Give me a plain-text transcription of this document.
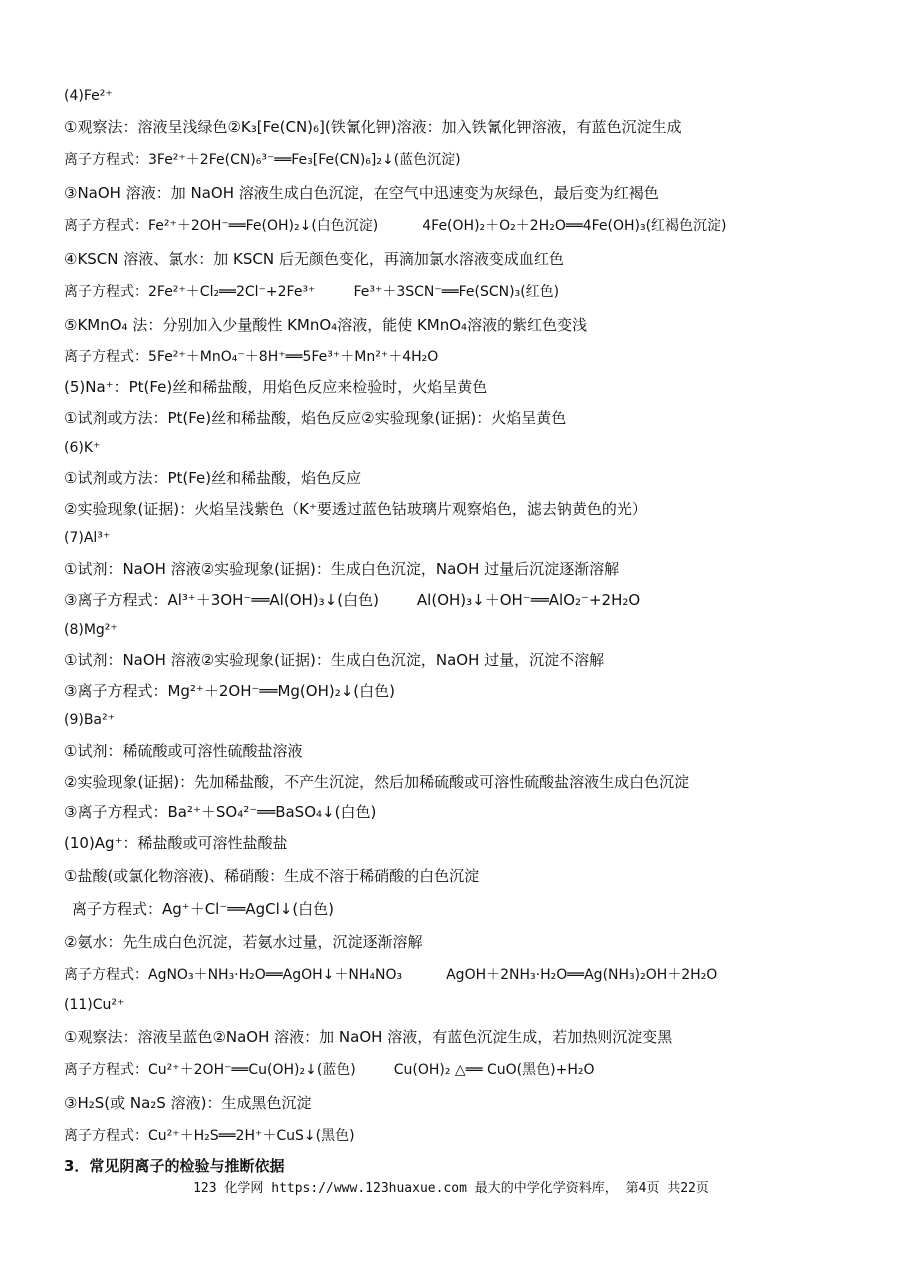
(4)Fe²⁺
①观察法：溶液呈浅绿色②K₃[Fe(CN)₆](铁氰化钾)溶液：加入铁氰化钾溶液，有蓝色沉淀生成
离子方程式：3Fe²⁺＋2Fe(CN)₆³⁻══Fe₃[Fe(CN)₆]₂↓(蓝色沉淀)
③NaOH 溶液：加 NaOH 溶液生成白色沉淀，在空气中迅速变为灰绿色，最后变为红褐色
离子方程式：Fe²⁺＋2OH⁻══Fe(OH)₂↓(白色沉淀)	4Fe(OH)₂＋O₂＋2H₂O══4Fe(OH)₃(红褐色沉淀)
④KSCN 溶液、氯水：加 KSCN 后无颜色变化，再滴加氯水溶液变成血红色
离子方程式：2Fe²⁺＋Cl₂══2Cl⁻+2Fe³⁺	Fe³⁺＋3SCN⁻══Fe(SCN)₃(红色)
⑤KMnO₄ 法：分别加入少量酸性 KMnO₄溶液，能使 KMnO₄溶液的紫红色变浅
离子方程式：5Fe²⁺＋MnO₄⁻＋8H⁺══5Fe³⁺＋Mn²⁺＋4H₂O
(5)Na⁺：Pt(Fe)丝和稀盐酸，用焰色反应来检验时，火焰呈黄色
①试剂或方法：Pt(Fe)丝和稀盐酸，焰色反应②实验现象(证据)：火焰呈黄色
(6)K⁺
①试剂或方法：Pt(Fe)丝和稀盐酸，焰色反应
②实验现象(证据)：火焰呈浅紫色（K⁺要透过蓝色钴玻璃片观察焰色，滤去钠黄色的光）
(7)Al³⁺
①试剂：NaOH 溶液②实验现象(证据)：生成白色沉淀，NaOH 过量后沉淀逐渐溶解
③离子方程式：Al³⁺＋3OH⁻══Al(OH)₃↓(白色)	Al(OH)₃↓＋OH⁻══AlO₂⁻+2H₂O
(8)Mg²⁺
①试剂：NaOH 溶液②实验现象(证据)：生成白色沉淀，NaOH 过量，沉淀不溶解
③离子方程式：Mg²⁺＋2OH⁻══Mg(OH)₂↓(白色)
(9)Ba²⁺
①试剂：稀硫酸或可溶性硫酸盐溶液
②实验现象(证据)：先加稀盐酸，不产生沉淀，然后加稀硫酸或可溶性硫酸盐溶液生成白色沉淀
③离子方程式：Ba²⁺＋SO₄²⁻══BaSO₄↓(白色)
(10)Ag⁺：稀盐酸或可溶性盐酸盐
①盐酸(或氯化物溶液)、稀硝酸：生成不溶于稀硝酸的白色沉淀
离子方程式：Ag⁺＋Cl⁻══AgCl↓(白色)
②氨水：先生成白色沉淀，若氨水过量，沉淀逐渐溶解
离子方程式：AgNO₃＋NH₃·H₂O══AgOH↓＋NH₄NO₃	AgOH＋2NH₃·H₂O══Ag(NH₃)₂OH＋2H₂O
(11)Cu²⁺
①观察法：溶液呈蓝色②NaOH 溶液：加 NaOH 溶液，有蓝色沉淀生成，若加热则沉淀变黑
离子方程式：Cu²⁺＋2OH⁻══Cu(OH)₂↓(蓝色)	Cu(OH)₂ △══ CuO(黑色)+H₂O
③H₂S(或 Na₂S 溶液)：生成黑色沉淀
离子方程式：Cu²⁺＋H₂S══2H⁺＋CuS↓(黑色)
3．常见阴离子的检验与推断依据
123 化学网 https://www.123huaxue.com 最大的中学化学资料库， 第4页 共22页
